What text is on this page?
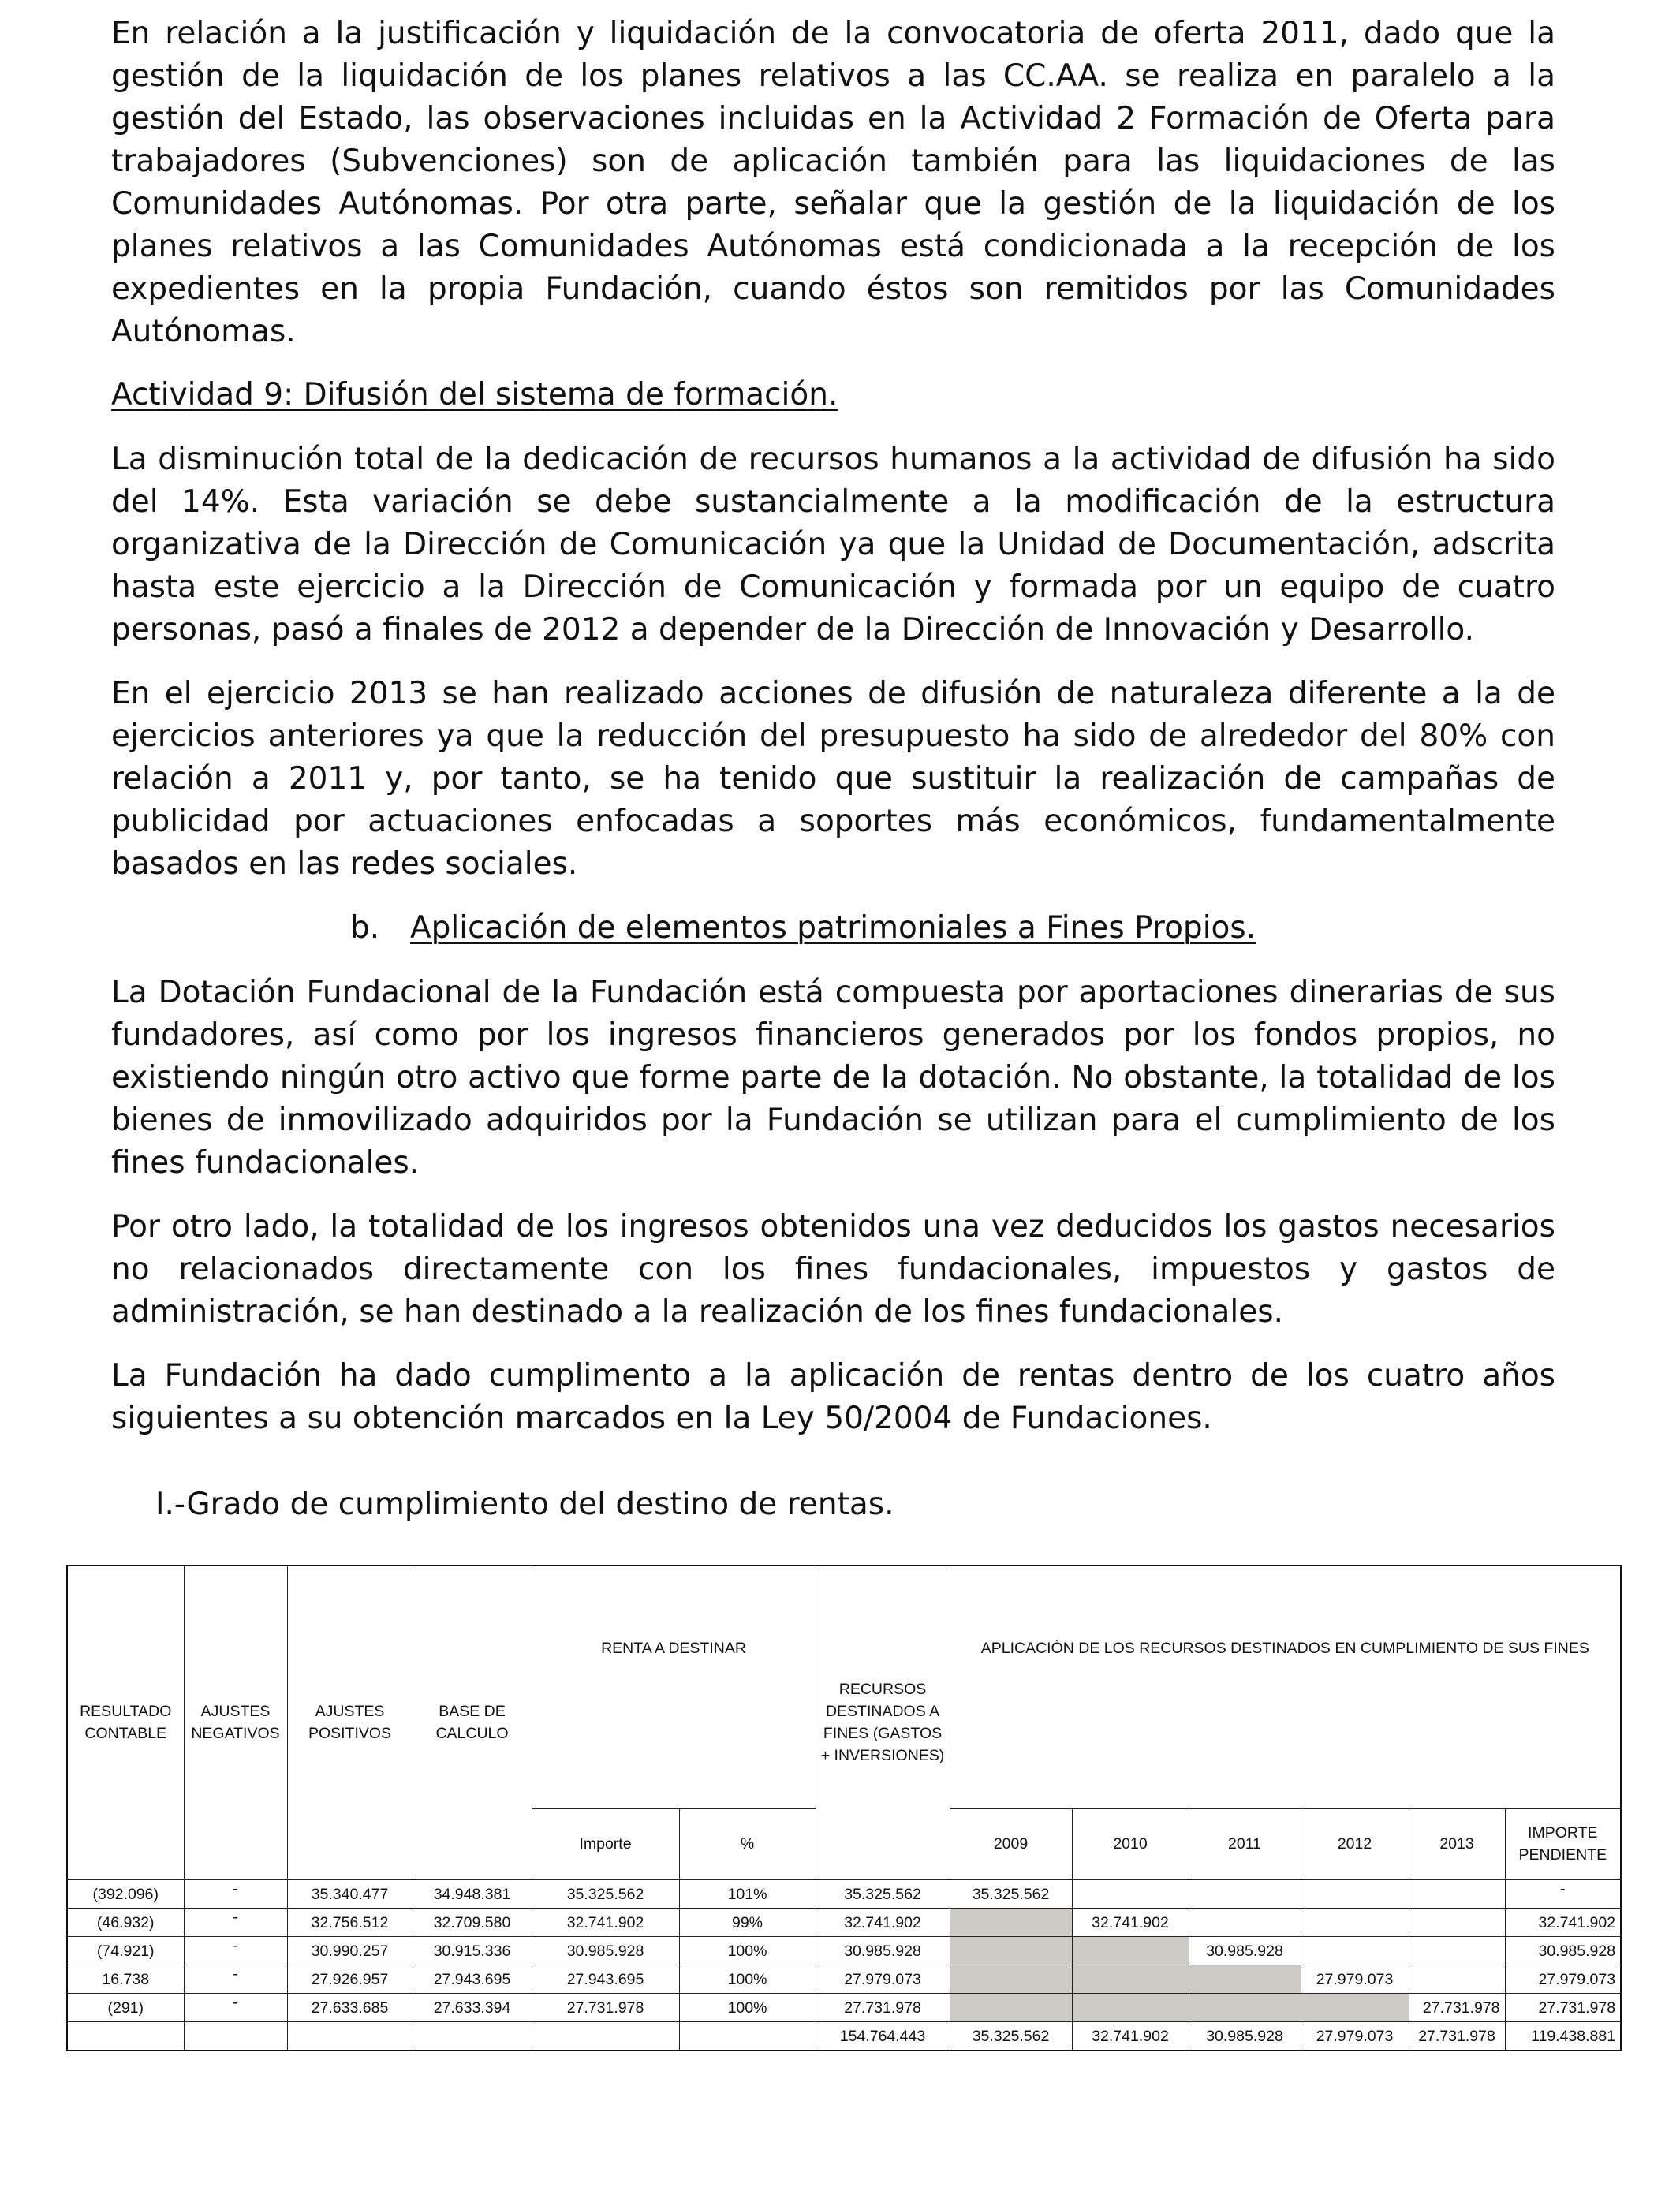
En relación a la justificación y liquidación de la convocatoria de oferta 2011, dado que la gestión de la liquidación de los planes relativos a las CC.AA. se realiza en paralelo a la gestión del Estado, las observaciones incluidas en la Actividad 2 Formación de Oferta para trabajadores (Subvenciones) son de aplicación también para las liquidaciones de las Comunidades Autónomas. Por otra parte, señalar que la gestión de la liquidación de los planes relativos a las Comunidades Autónomas está condicionada a la recepción de los expedientes en la propia Fundación, cuando éstos son remitidos por las Comunidades Autónomas.

Actividad 9: Difusión del sistema de formación.

La disminución total de la dedicación de recursos humanos a la actividad de difusión ha sido del 14%. Esta variación se debe sustancialmente a la modificación de la estructura organizativa de la Dirección de Comunicación ya que la Unidad de Documentación, adscrita hasta este ejercicio a la Dirección de Comunicación y formada por un equipo de cuatro personas, pasó a finales de 2012 a depender de la Dirección de Innovación y Desarrollo.

En el ejercicio 2013 se han realizado acciones de difusión de naturaleza diferente a la de ejercicios anteriores ya que la reducción del presupuesto ha sido de alrededor del 80% con relación a 2011 y, por tanto, se ha tenido que sustituir la realización de campañas de publicidad por actuaciones enfocadas a soportes más económicos, fundamentalmente basados en las redes sociales.

b. Aplicación de elementos patrimoniales a Fines Propios.

La Dotación Fundacional de la Fundación está compuesta por aportaciones dinerarias de sus fundadores, así como por los ingresos financieros generados por los fondos propios, no existiendo ningún otro activo que forme parte de la dotación. No obstante, la totalidad de los bienes de inmovilizado adquiridos por la Fundación se utilizan para el cumplimiento de los fines fundacionales.

Por otro lado, la totalidad de los ingresos obtenidos una vez deducidos los gastos necesarios no relacionados directamente con los fines fundacionales, impuestos y gastos de administración, se han destinado a la realización de los fines fundacionales.

La Fundación ha dado cumplimento a la aplicación de rentas dentro de los cuatro años siguientes a su obtención marcados en la Ley 50/2004 de Fundaciones.

I.-Grado de cumplimiento del destino de rentas.

RESULTADO CONTABLE	AJUSTES NEGATIVOS	AJUSTES POSITIVOS	BASE DE CALCULO	RENTA A DESTINAR		RECURSOS DESTINADOS A FINES (GASTOS + INVERSIONES)	APLICACIÓN DE LOS RECURSOS DESTINADOS EN CUMPLIMIENTO DE SUS FINES					
				Importe	%		2009	2010	2011	2012	2013	IMPORTE PENDIENTE
(392.096)	-	35.340.477	34.948.381	35.325.562	101%	35.325.562	35.325.562					-
(46.932)	-	32.756.512	32.709.580	32.741.902	99%	32.741.902		32.741.902				32.741.902
(74.921)	-	30.990.257	30.915.336	30.985.928	100%	30.985.928			30.985.928			30.985.928
16.738	-	27.926.957	27.943.695	27.943.695	100%	27.979.073				27.979.073		27.979.073
(291)	-	27.633.685	27.633.394	27.731.978	100%	27.731.978					27.731.978	27.731.978
						154.764.443	35.325.562	32.741.902	30.985.928	27.979.073	27.731.978	119.438.881
